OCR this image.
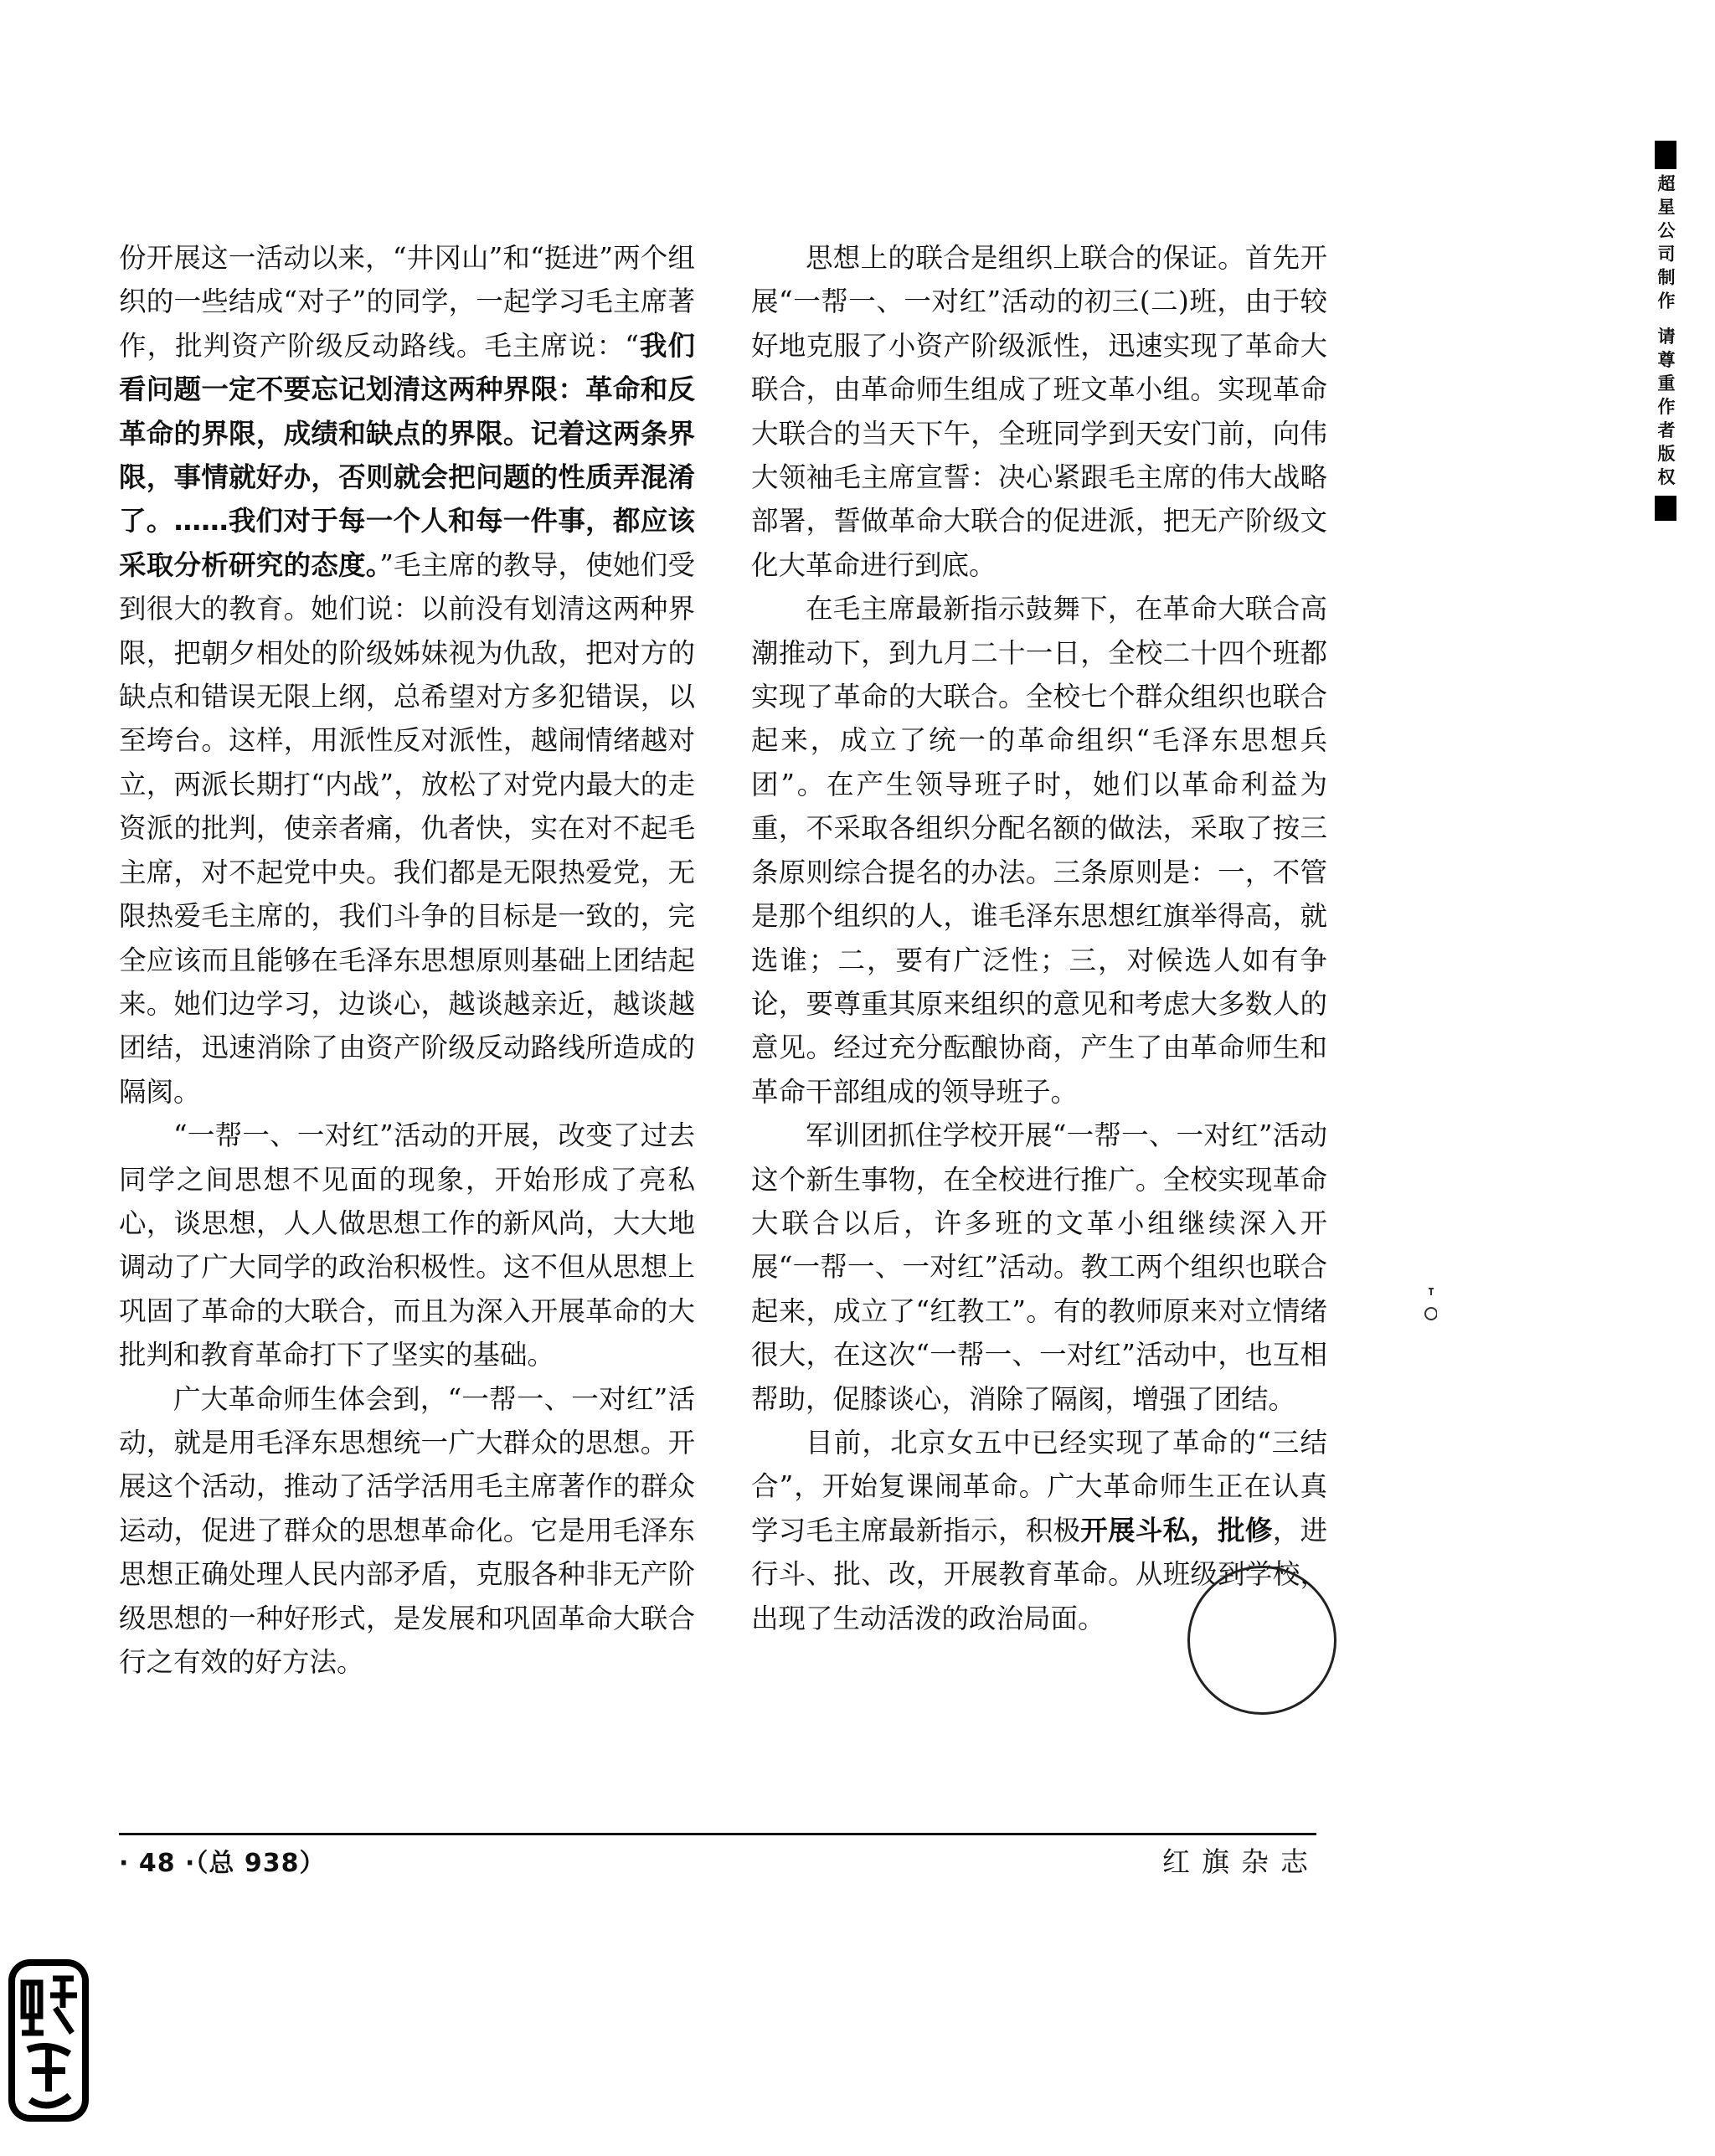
份开展这一活动以来，“井冈山”和“挺进”两个组织的一些结成“对子”的同学，一起学习毛主席著作，批判资产阶级反动路线。毛主席说：“我们看问题一定不要忘记划清这两种界限：革命和反革命的界限，成绩和缺点的界限。记着这两条界限，事情就好办，否则就会把问题的性质弄混淆了。……我们对于每一个人和每一件事，都应该采取分析研究的态度。”毛主席的教导，使她们受到很大的教育。她们说：以前没有划清这两种界限，把朝夕相处的阶级姊妹视为仇敌，把对方的缺点和错误无限上纲，总希望对方多犯错误，以至垮台。这样，用派性反对派性，越闹情绪越对立，两派长期打“内战”，放松了对党内最大的走资派的批判，使亲者痛，仇者快，实在对不起毛主席，对不起党中央。我们都是无限热爱党，无限热爱毛主席的，我们斗争的目标是一致的，完全应该而且能够在毛泽东思想原则基础上团结起来。她们边学习，边谈心，越谈越亲近，越谈越团结，迅速消除了由资产阶级反动路线所造成的隔阂。

“一帮一、一对红”活动的开展，改变了过去同学之间思想不见面的现象，开始形成了亮私心，谈思想，人人做思想工作的新风尚，大大地调动了广大同学的政治积极性。这不但从思想上巩固了革命的大联合，而且为深入开展革命的大批判和教育革命打下了坚实的基础。

广大革命师生体会到，“一帮一、一对红”活动，就是用毛泽东思想统一广大群众的思想。开展这个活动，推动了活学活用毛主席著作的群众运动，促进了群众的思想革命化。它是用毛泽东思想正确处理人民内部矛盾，克服各种非无产阶级思想的一种好形式，是发展和巩固革命大联合行之有效的好方法。

思想上的联合是组织上联合的保证。首先开展“一帮一、一对红”活动的初三(二)班，由于较好地克服了小资产阶级派性，迅速实现了革命大联合，由革命师生组成了班文革小组。实现革命大联合的当天下午，全班同学到天安门前，向伟大领袖毛主席宣誓：决心紧跟毛主席的伟大战略部署，誓做革命大联合的促进派，把无产阶级文化大革命进行到底。

在毛主席最新指示鼓舞下，在革命大联合高潮推动下，到九月二十一日，全校二十四个班都实现了革命的大联合。全校七个群众组织也联合起来，成立了统一的革命组织“毛泽东思想兵团”。在产生领导班子时，她们以革命利益为重，不采取各组织分配名额的做法，采取了按三条原则综合提名的办法。三条原则是：一，不管是那个组织的人，谁毛泽东思想红旗举得高，就选谁；二，要有广泛性；三，对候选人如有争论，要尊重其原来组织的意见和考虑大多数人的意见。经过充分酝酿协商，产生了由革命师生和革命干部组成的领导班子。

军训团抓住学校开展“一帮一、一对红”活动这个新生事物，在全校进行推广。全校实现革命大联合以后，许多班的文革小组继续深入开展“一帮一、一对红”活动。教工两个组织也联合起来，成立了“红教工”。有的教师原来对立情绪很大，在这次“一帮一、一对红”活动中，也互相帮助，促膝谈心，消除了隔阂，增强了团结。

目前，北京女五中已经实现了革命的“三结合”，开始复课闹革命。广大革命师生正在认真学习毛主席最新指示，积极开展斗私，批修，进行斗、批、改，开展教育革命。从班级到学校，出现了生动活泼的政治局面。

· 48 ·（总 938）	红旗杂志
超星公司制作 请尊重作者版权
